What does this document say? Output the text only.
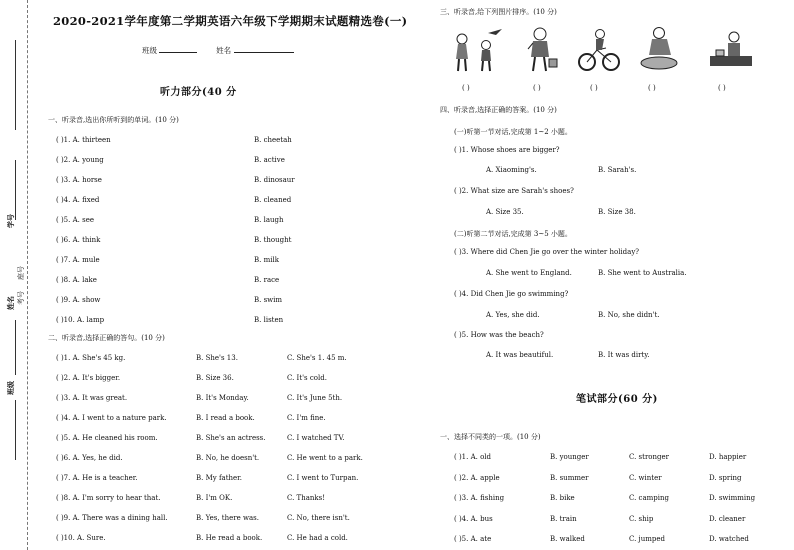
班级
姓名 考号
座号
学号
2020-2021学年度第二学期英语六年级下学期期末试题精选卷(一)
班级	姓名
听力部分(40 分
一、听录音,选出你所听到的单词。(10 分)
( )1. A. thirteen	B. cheetah
( )2. A. young	B. active
( )3. A. horse	B. dinosaur
( )4. A. fixed	B. cleaned
( )5. A. see	B. laugh
( )6. A. think	B. thought
( )7. A. mule	B. milk
( )8. A. lake	B. race
( )9. A. show	B. swim
( )10. A. lamp	B. listen
二、听录音,选择正确的答句。(10 分)
( )1. A. She's 45 kg.	B. She's 13.	C. She's 1. 45 m.
( )2. A. It's bigger.	B. Size 36.	C. It's cold.
( )3. A. It was great.	B. It's Monday.	C. It's June 5th.
( )4. A. I went to a nature park.	B. I read a book.	C. I'm fine.
( )5. A. He cleaned his room.	B. She's an actress.	C. I watched TV.
( )6. A. Yes, he did.	B. No, he doesn't.	C. He went to a park.
( )7. A. He is a teacher.	B. My father.	C. I went to Turpan.
( )8. A. I'm sorry to hear that.	B. I'm OK.	C. Thanks!
( )9. A. There was a dining hall.	B. Yes, there was.	C. No, there isn't.
( )10. A. Sure.	B. He read a book.	C. He had a cold.
三、听录音,给下列图片排序。(10 分)
( )	( )	( )	( )	( )
四、听录音,选择正确的答案。(10 分)
(一)听第一节对话,完成第 1~2 小题。
( )1. Whose shoes are bigger?
A. Xiaoming's.	B. Sarah's.
( )2. What size are Sarah's shoes?
A. Size 35.	B. Size 38.
( )3. Where did Chen Jie go over the winter holiday?
A. She went to England.	B. She went to Australia.
( )4. Did Chen Jie go swimming?
A. Yes, she did.	B. No, she didn't.
( )5. How was the beach?
A. It was beautiful.	B. It was dirty.
(二)听第二节对话,完成第 3~5 小题。
笔试部分(60 分)
一、选择不同类的一项。(10 分)
( )1. A. old	B. younger	C. stronger	D. happier
( )2. A. apple	B. summer	C. winter	D. spring
( )3. A. fishing	B. bike	C. camping	D. swimming
( )4. A. bus	B. train	C. ship	D. cleaner
( )5. A. ate	B. walked	C. jumped	D. watched
